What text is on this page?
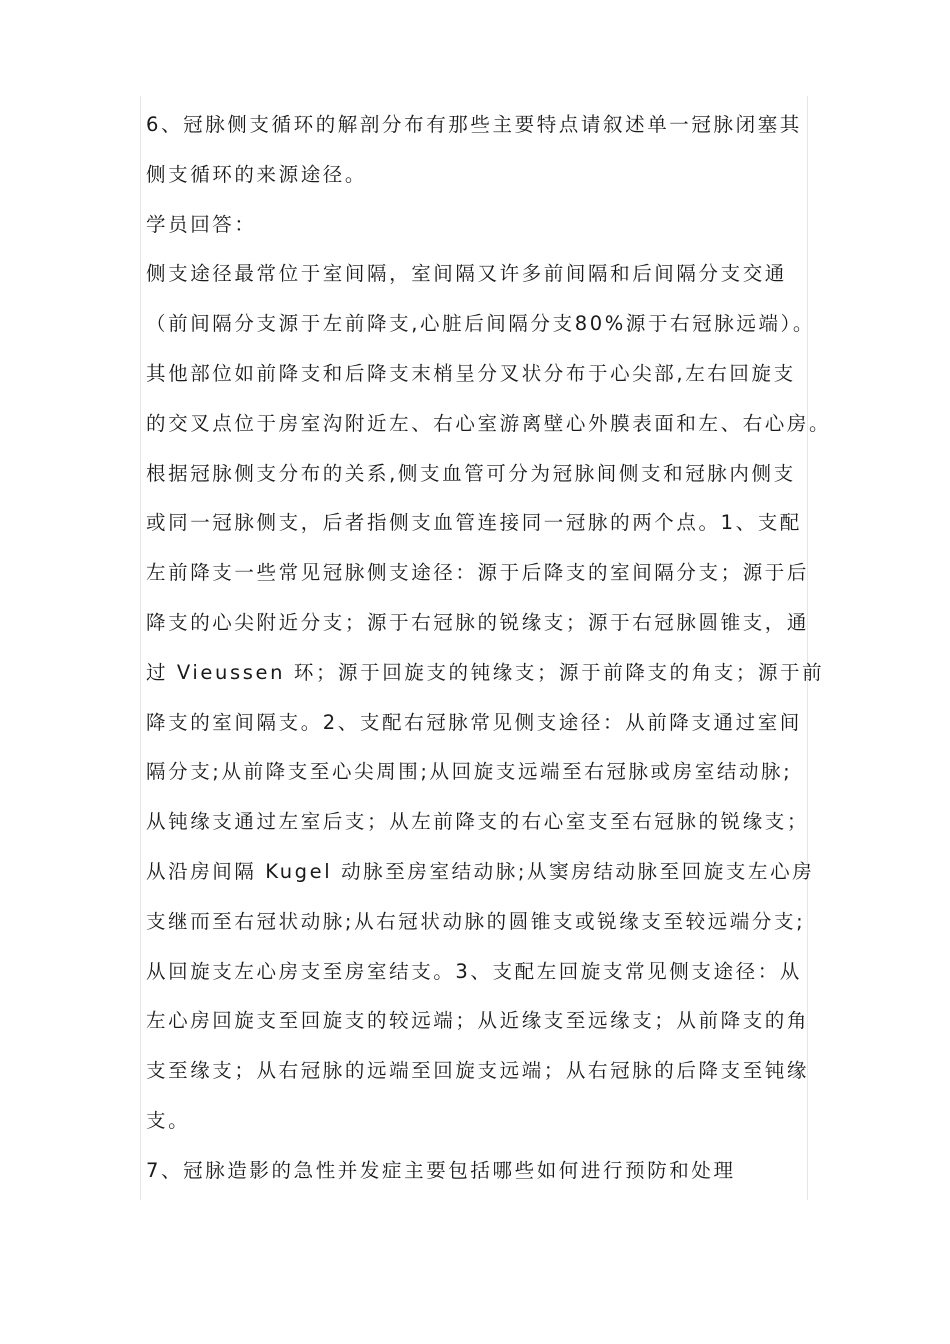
6、冠脉侧支循环的解剖分布有那些主要特点请叙述单一冠脉闭塞其
侧支循环的来源途径。
学员回答：
侧支途径最常位于室间隔，室间隔又许多前间隔和后间隔分支交通
（前间隔分支源于左前降支,心脏后间隔分支80%源于右冠脉远端）。
其他部位如前降支和后降支末梢呈分叉状分布于心尖部,左右回旋支
的交叉点位于房室沟附近左、右心室游离壁心外膜表面和左、右心房。
根据冠脉侧支分布的关系,侧支血管可分为冠脉间侧支和冠脉内侧支
或同一冠脉侧支，后者指侧支血管连接同一冠脉的两个点。1、支配
左前降支一些常见冠脉侧支途径：源于后降支的室间隔分支；源于后
降支的心尖附近分支；源于右冠脉的锐缘支；源于右冠脉圆锥支，通
过 Vieussen 环；源于回旋支的钝缘支；源于前降支的角支；源于前
降支的室间隔支。2、支配右冠脉常见侧支途径：从前降支通过室间
隔分支;从前降支至心尖周围;从回旋支远端至右冠脉或房室结动脉;
从钝缘支通过左室后支；从左前降支的右心室支至右冠脉的锐缘支；
从沿房间隔 Kugel 动脉至房室结动脉;从窦房结动脉至回旋支左心房
支继而至右冠状动脉;从右冠状动脉的圆锥支或锐缘支至较远端分支;
从回旋支左心房支至房室结支。3、支配左回旋支常见侧支途径：从
左心房回旋支至回旋支的较远端；从近缘支至远缘支；从前降支的角
支至缘支；从右冠脉的远端至回旋支远端；从右冠脉的后降支至钝缘
支。
7、冠脉造影的急性并发症主要包括哪些如何进行预防和处理
